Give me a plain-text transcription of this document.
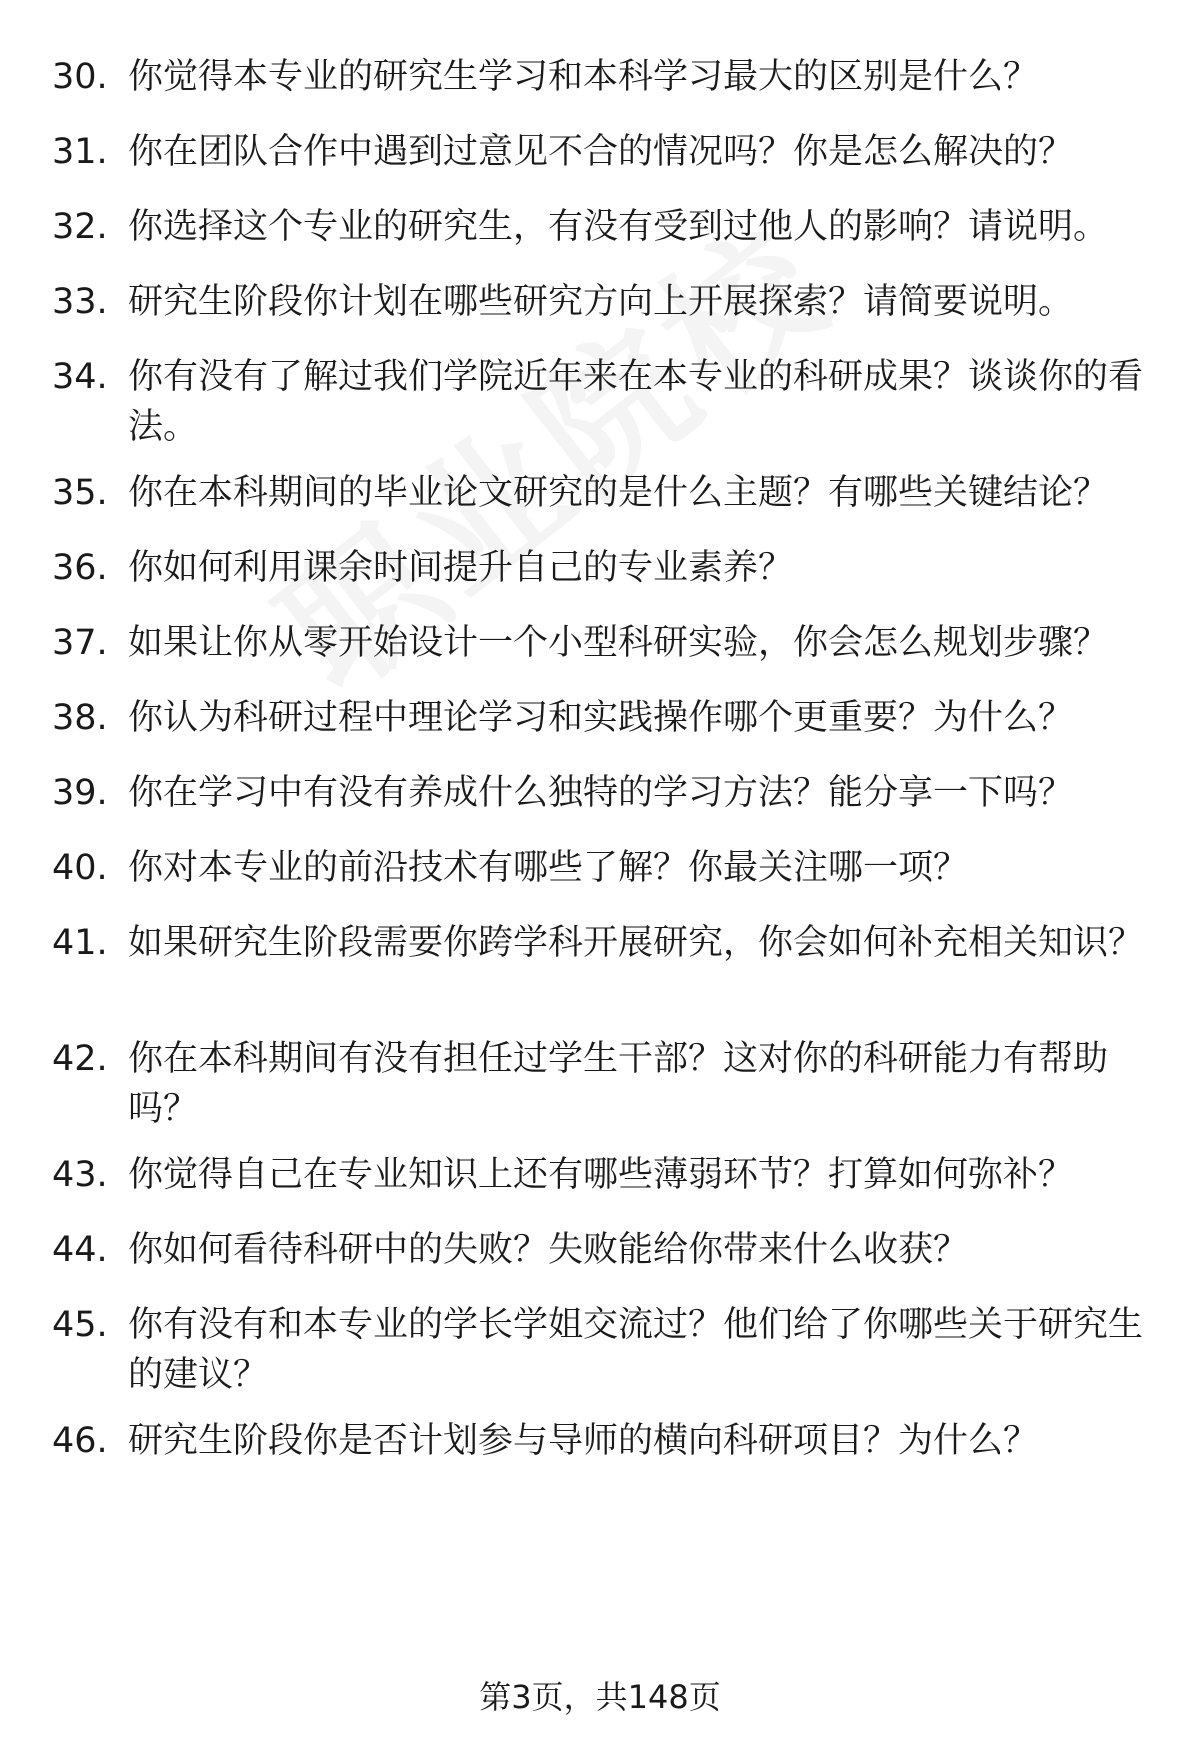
30. 你觉得本专业的研究生学习和本科学习最大的区别是什么？
31. 你在团队合作中遇到过意见不合的情况吗？你是怎么解决的？
32. 你选择这个专业的研究生，有没有受到过他人的影响？请说明。
33. 研究生阶段你计划在哪些研究方向上开展探索？请简要说明。
34. 你有没有了解过我们学院近年来在本专业的科研成果？谈谈你的看法。
35. 你在本科期间的毕业论文研究的是什么主题？有哪些关键结论？
36. 你如何利用课余时间提升自己的专业素养？
37. 如果让你从零开始设计一个小型科研实验，你会怎么规划步骤？
38. 你认为科研过程中理论学习和实践操作哪个更重要？为什么？
39. 你在学习中有没有养成什么独特的学习方法？能分享一下吗？
40. 你对本专业的前沿技术有哪些了解？你最关注哪一项？
41. 如果研究生阶段需要你跨学科开展研究，你会如何补充相关知识？
42. 你在本科期间有没有担任过学生干部？这对你的科研能力有帮助吗？
43. 你觉得自己在专业知识上还有哪些薄弱环节？打算如何弥补？
44. 你如何看待科研中的失败？失败能给你带来什么收获？
45. 你有没有和本专业的学长学姐交流过？他们给了你哪些关于研究生的建议？
46. 研究生阶段你是否计划参与导师的横向科研项目？为什么？
第3页，共148页
